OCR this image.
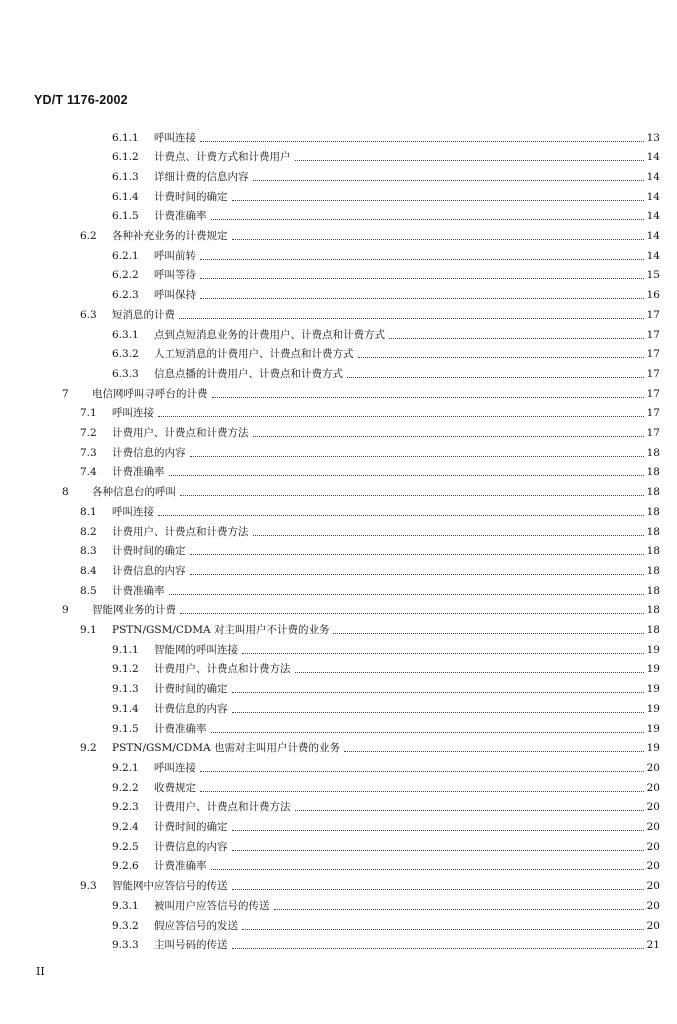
YD/T 1176-2002
6.1.1	呼叫连接	13
6.1.2	计费点、计费方式和计费用户	14
6.1.3	详细计费的信息内容	14
6.1.4	计费时间的确定	14
6.1.5	计费准确率	14
6.2	各种补充业务的计费规定	14
6.2.1	呼叫前转	14
6.2.2	呼叫等待	15
6.2.3	呼叫保持	16
6.3	短消息的计费	17
6.3.1	点到点短消息业务的计费用户、计费点和计费方式	17
6.3.2	人工短消息的计费用户、计费点和计费方式	17
6.3.3	信息点播的计费用户、计费点和计费方式	17
7	电信网呼叫寻呼台的计费	17
7.1	呼叫连接	17
7.2	计费用户、计费点和计费方法	17
7.3	计费信息的内容	18
7.4	计费准确率	18
8	各种信息台的呼叫	18
8.1	呼叫连接	18
8.2	计费用户、计费点和计费方法	18
8.3	计费时间的确定	18
8.4	计费信息的内容	18
8.5	计费准确率	18
9	智能网业务的计费	18
9.1	PSTN/GSM/CDMA 对主叫用户不计费的业务	18
9.1.1	智能网的呼叫连接	19
9.1.2	计费用户、计费点和计费方法	19
9.1.3	计费时间的确定	19
9.1.4	计费信息的内容	19
9.1.5	计费准确率	19
9.2	PSTN/GSM/CDMA 也需对主叫用户计费的业务	19
9.2.1	呼叫连接	20
9.2.2	收费规定	20
9.2.3	计费用户、计费点和计费方法	20
9.2.4	计费时间的确定	20
9.2.5	计费信息的内容	20
9.2.6	计费准确率	20
9.3	智能网中应答信号的传送	20
9.3.1	被叫用户应答信号的传送	20
9.3.2	假应答信号的发送	20
9.3.3	主叫号码的传送	21
II
